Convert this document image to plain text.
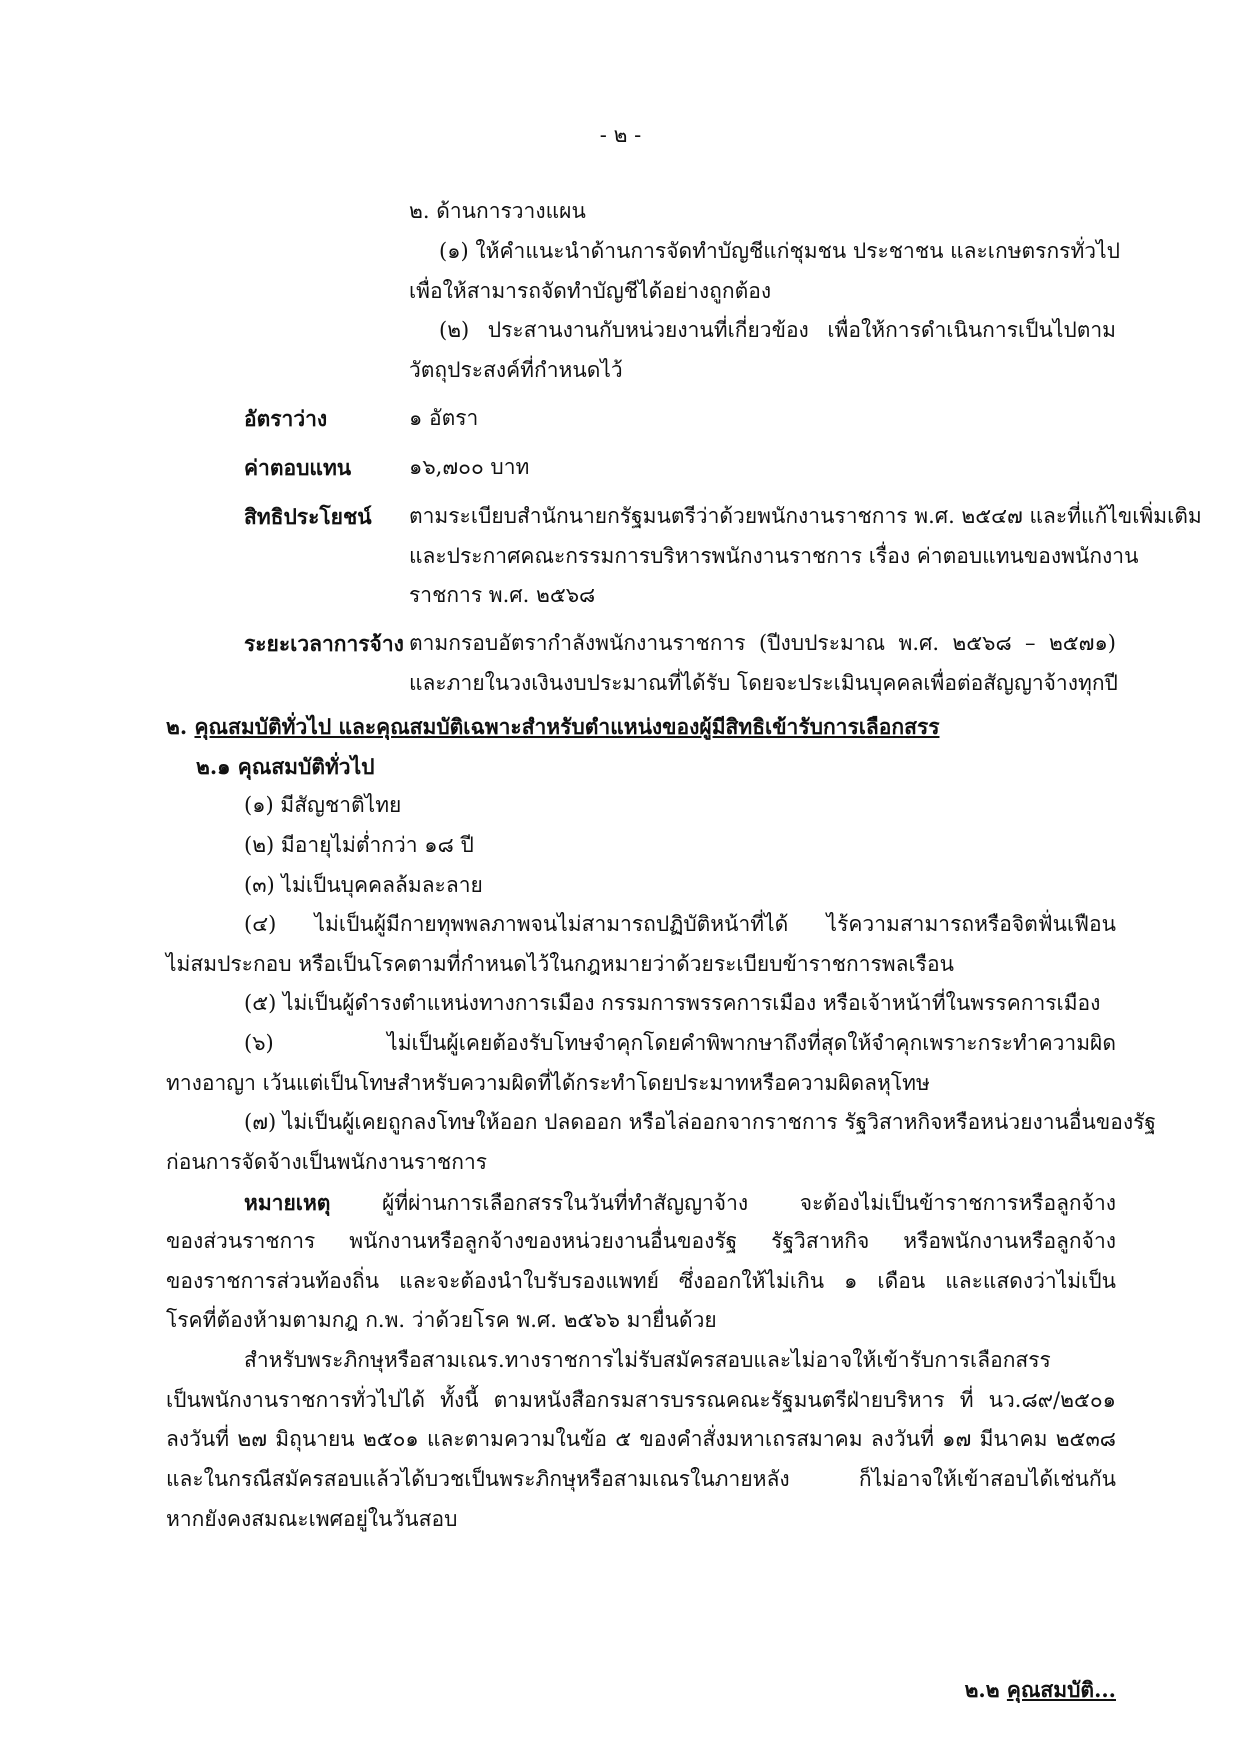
- ๒ -
๒. ด้านการวางแผน
(๑) ให้คำแนะนำด้านการจัดทำบัญชีแก่ชุมชน ประชาชน และเกษตรกรทั่วไป
เพื่อให้สามารถจัดทำบัญชีได้อย่างถูกต้อง
(๒) ประสานงานกับหน่วยงานที่เกี่ยวข้อง เพื่อให้การดำเนินการเป็นไปตาม
วัตถุประสงค์ที่กำหนดไว้
อัตราว่าง	๑ อัตรา
ค่าตอบแทน	๑๖,๗๐๐ บาท
สิทธิประโยชน์ ตามระเบียบสำนักนายกรัฐมนตรีว่าด้วยพนักงานราชการ พ.ศ. ๒๕๔๗ และที่แก้ไขเพิ่มเติม
และประกาศคณะกรรมการบริหารพนักงานราชการ เรื่อง ค่าตอบแทนของพนักงาน
ราชการ พ.ศ. ๒๕๖๘
ระยะเวลาการจ้าง ตามกรอบอัตรากำลังพนักงานราชการ (ปีงบประมาณ พ.ศ. ๒๕๖๘ – ๒๕๗๑)
และภายในวงเงินงบประมาณที่ได้รับ โดยจะประเมินบุคคลเพื่อต่อสัญญาจ้างทุกปี
๒. คุณสมบัติทั่วไป และคุณสมบัติเฉพาะสำหรับตำแหน่งของผู้มีสิทธิเข้ารับการเลือกสรร
๒.๑ คุณสมบัติทั่วไป
(๑) มีสัญชาติไทย
(๒) มีอายุไม่ต่ำกว่า ๑๘ ปี
(๓) ไม่เป็นบุคคลล้มละลาย
(๔) ไม่เป็นผู้มีกายทุพพลภาพจนไม่สามารถปฏิบัติหน้าที่ได้ ไร้ความสามารถหรือจิตฟั่นเฟือน
ไม่สมประกอบ หรือเป็นโรคตามที่กำหนดไว้ในกฎหมายว่าด้วยระเบียบข้าราชการพลเรือน
(๕) ไม่เป็นผู้ดำรงตำแหน่งทางการเมือง กรรมการพรรคการเมือง หรือเจ้าหน้าที่ในพรรคการเมือง
(๖) ไม่เป็นผู้เคยต้องรับโทษจำคุกโดยคำพิพากษาถึงที่สุดให้จำคุกเพราะกระทำความผิด
ทางอาญา เว้นแต่เป็นโทษสำหรับความผิดที่ได้กระทำโดยประมาทหรือความผิดลหุโทษ
(๗) ไม่เป็นผู้เคยถูกลงโทษให้ออก ปลดออก หรือไล่ออกจากราชการ รัฐวิสาหกิจหรือหน่วยงานอื่นของรัฐ
ก่อนการจัดจ้างเป็นพนักงานราชการ
หมายเหตุ ผู้ที่ผ่านการเลือกสรรในวันที่ทำสัญญาจ้าง จะต้องไม่เป็นข้าราชการหรือลูกจ้าง
ของส่วนราชการ พนักงานหรือลูกจ้างของหน่วยงานอื่นของรัฐ รัฐวิสาหกิจ หรือพนักงานหรือลูกจ้าง
ของราชการส่วนท้องถิ่น และจะต้องนำใบรับรองแพทย์ ซึ่งออกให้ไม่เกิน ๑ เดือน และแสดงว่าไม่เป็น
โรคที่ต้องห้ามตามกฎ ก.พ. ว่าด้วยโรค พ.ศ. ๒๕๖๖ มายื่นด้วย
สำหรับพระภิกษุหรือสามเณร.ทางราชการไม่รับสมัครสอบและไม่อาจให้เข้ารับการเลือกสรร
เป็นพนักงานราชการทั่วไปได้ ทั้งนี้ ตามหนังสือกรมสารบรรณคณะรัฐมนตรีฝ่ายบริหาร ที่ นว.๘๙/๒๕๐๑
ลงวันที่ ๒๗ มิถุนายน ๒๕๐๑ และตามความในข้อ ๕ ของคำสั่งมหาเถรสมาคม ลงวันที่ ๑๗ มีนาคม ๒๕๓๘
และในกรณีสมัครสอบแล้วได้บวชเป็นพระภิกษุหรือสามเณรในภายหลัง ก็ไม่อาจให้เข้าสอบได้เช่นกัน
หากยังคงสมณะเพศอยู่ในวันสอบ
๒.๒ คุณสมบัติ...
